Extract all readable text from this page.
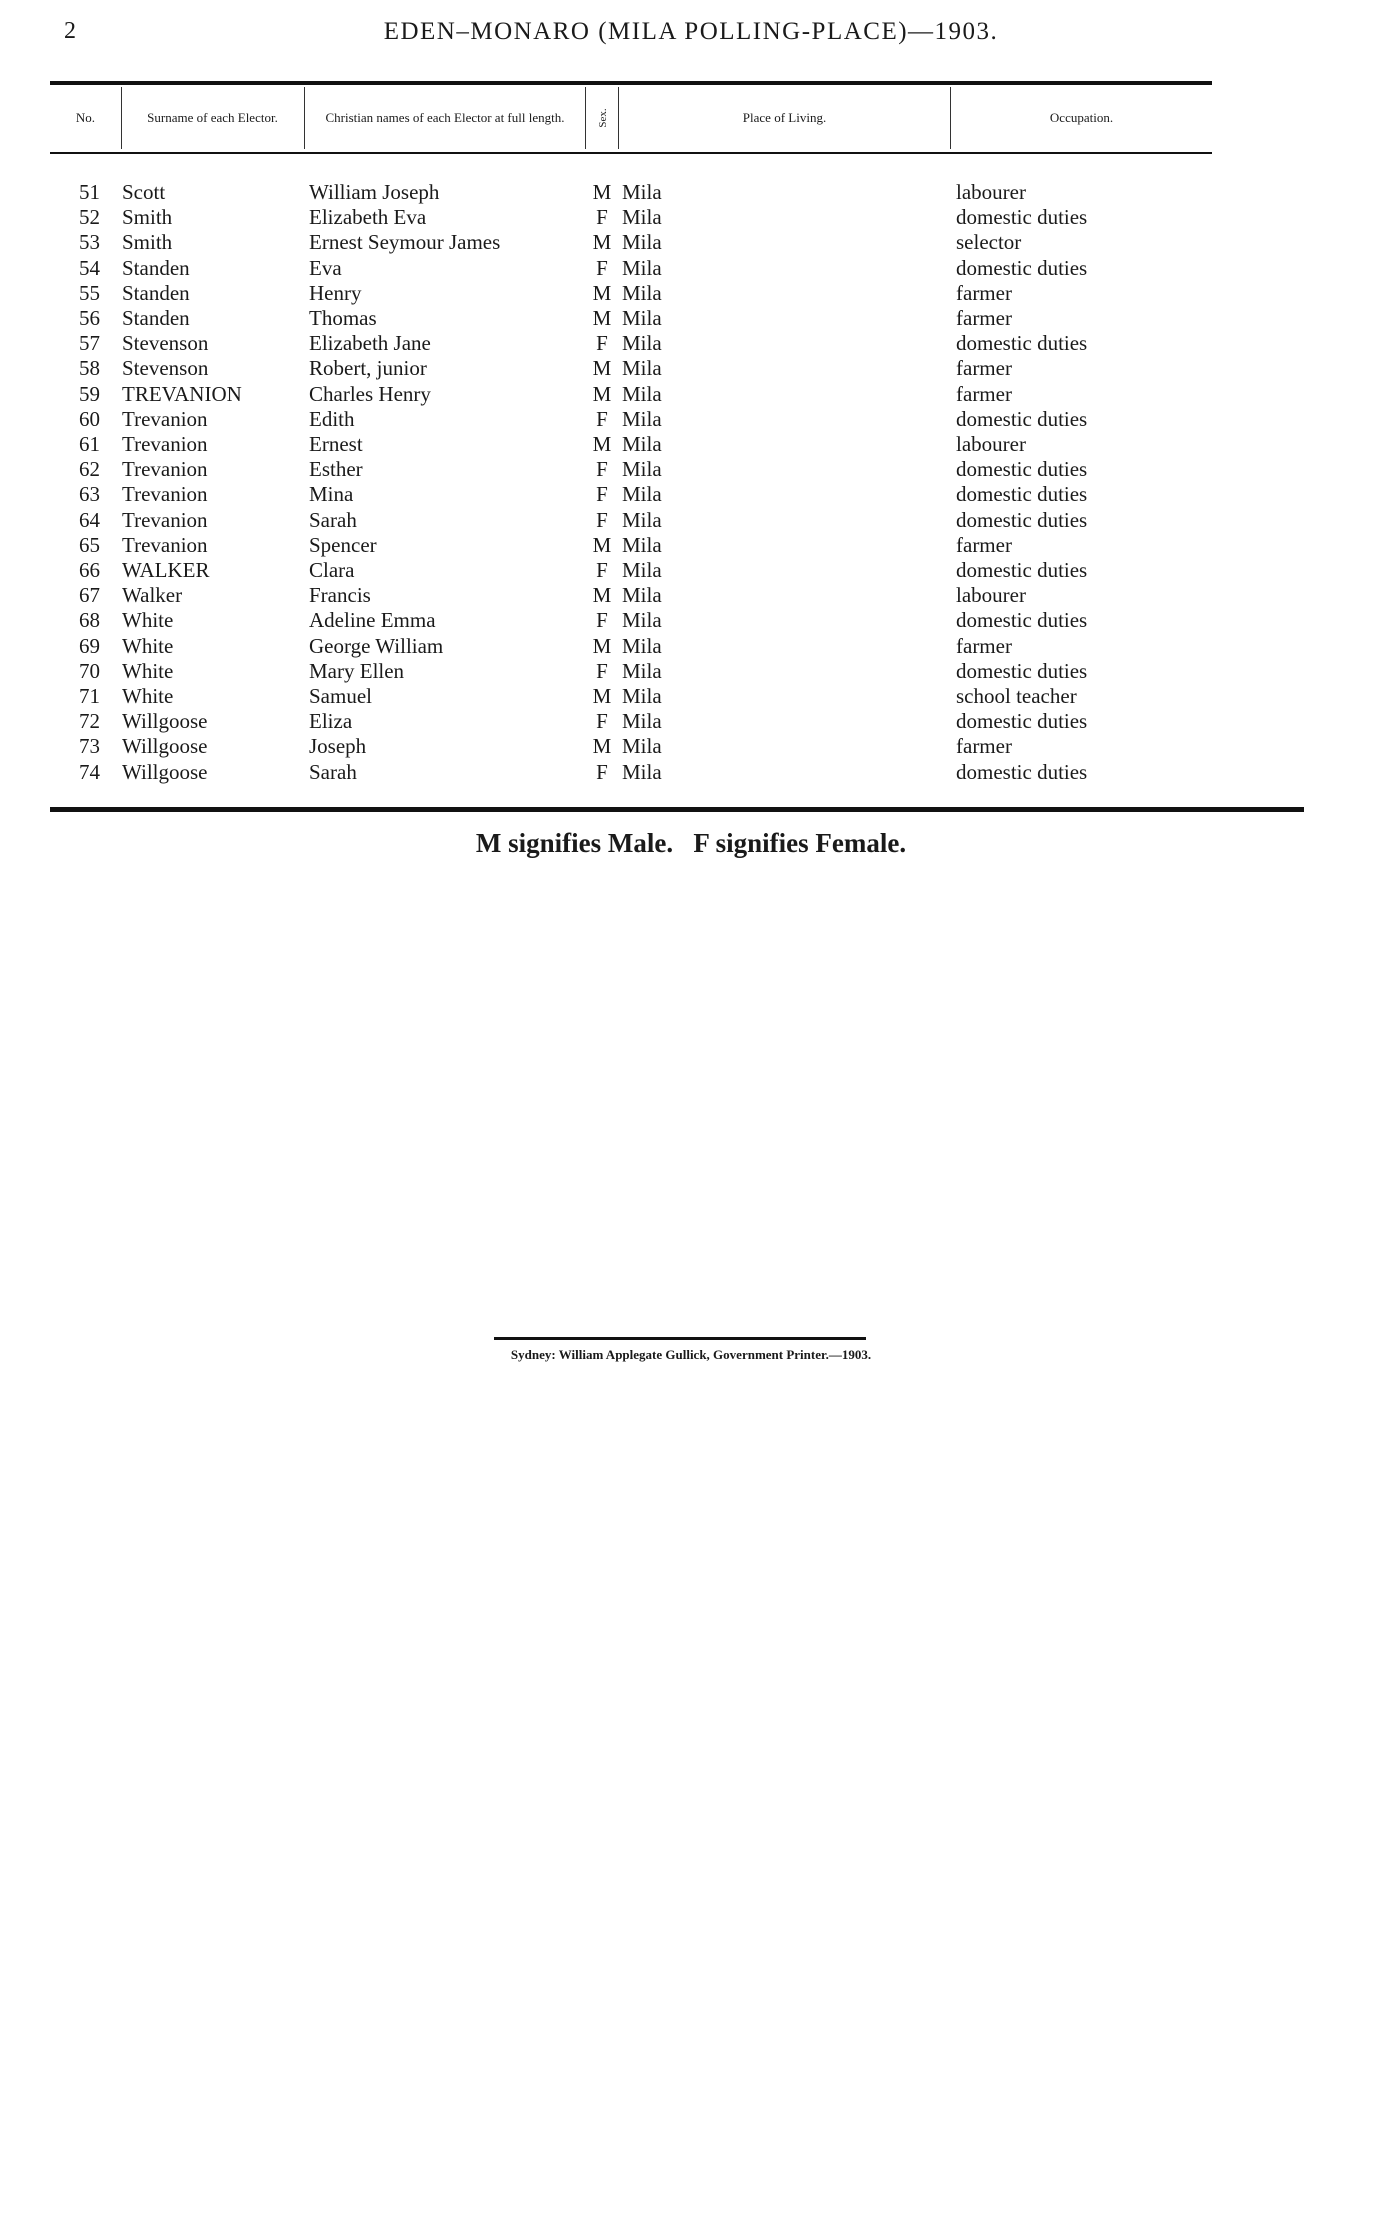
2	EDEN–MONARO (MILA POLLING-PLACE)—1903.
No.	Surname of each Elector.	Christian names of each Elector at full length.	Sex.	Place of Living.	Occupation.
51 Scott	William Joseph	M Mila	labourer
52 Smith	Elizabeth Eva	F Mila	domestic duties
53 Smith	Ernest Seymour James	M Mila	selector
54 Standen	Eva	F Mila	domestic duties
55 Standen	Henry	M Mila	farmer
56 Standen	Thomas	M Mila	farmer
57 Stevenson	Elizabeth Jane	F Mila	domestic duties
58 Stevenson	Robert, junior	M Mila	farmer
59 TREVANION	Charles Henry	M Mila	farmer
60 Trevanion	Edith	F Mila	domestic duties
61 Trevanion	Ernest	M Mila	labourer
62 Trevanion	Esther	F Mila	domestic duties
63 Trevanion	Mina	F Mila	domestic duties
64 Trevanion	Sarah	F Mila	domestic duties
65 Trevanion	Spencer	M Mila	farmer
66 WALKER	Clara	F Mila	domestic duties
67 Walker	Francis	M Mila	labourer
68 White	Adeline Emma	F Mila	domestic duties
69 White	George William	M Mila	farmer
70 White	Mary Ellen	F Mila	domestic duties
71 White	Samuel	M Mila	school teacher
72 Willgoose	Eliza	F Mila	domestic duties
73 Willgoose	Joseph	M Mila	farmer
74 Willgoose	Sarah	F Mila	domestic duties
M signifies Male.   F signifies Female.
Sydney: William Applegate Gullick, Government Printer.—1903.
